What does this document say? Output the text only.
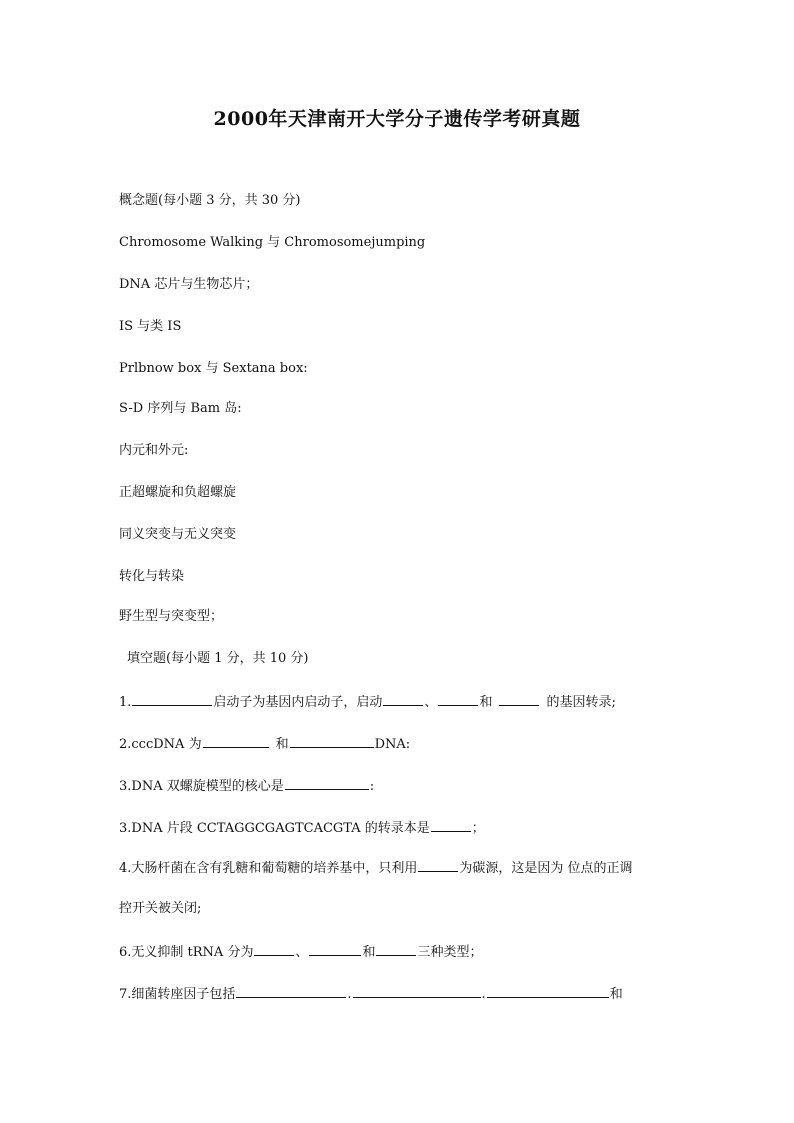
2000年天津南开大学分子遗传学考研真题
概念题(每小题 3 分，共 30 分)
Chromosome Walking 与 Chromosomejumping
DNA 芯片与生物芯片；
IS 与类 IS
Prlbnow box 与 Sextana box:
S-D 序列与 Bam 岛:
内元和外元:
正超螺旋和负超螺旋
同义突变与无义突变
转化与转染
野生型与突变型；
填空题(每小题 1 分，共 10 分)
1.	启动子为基因内启动子，启动	、	和	的基因转录;
2.cccDNA 为	和	DNA:
3.DNA 双螺旋模型的核心是	:
3.DNA 片段 CCTAGGCGAGTCACGTA 的转录本是	；
4.大肠杆菌在含有乳糖和葡萄糖的培养基中，只利用	为碳源，这是因为 位点的正调
控开关被关闭;
6.无义抑制 tRNA 分为	、	和	三种类型；
7.细菌转座因子包括	.	.	和
